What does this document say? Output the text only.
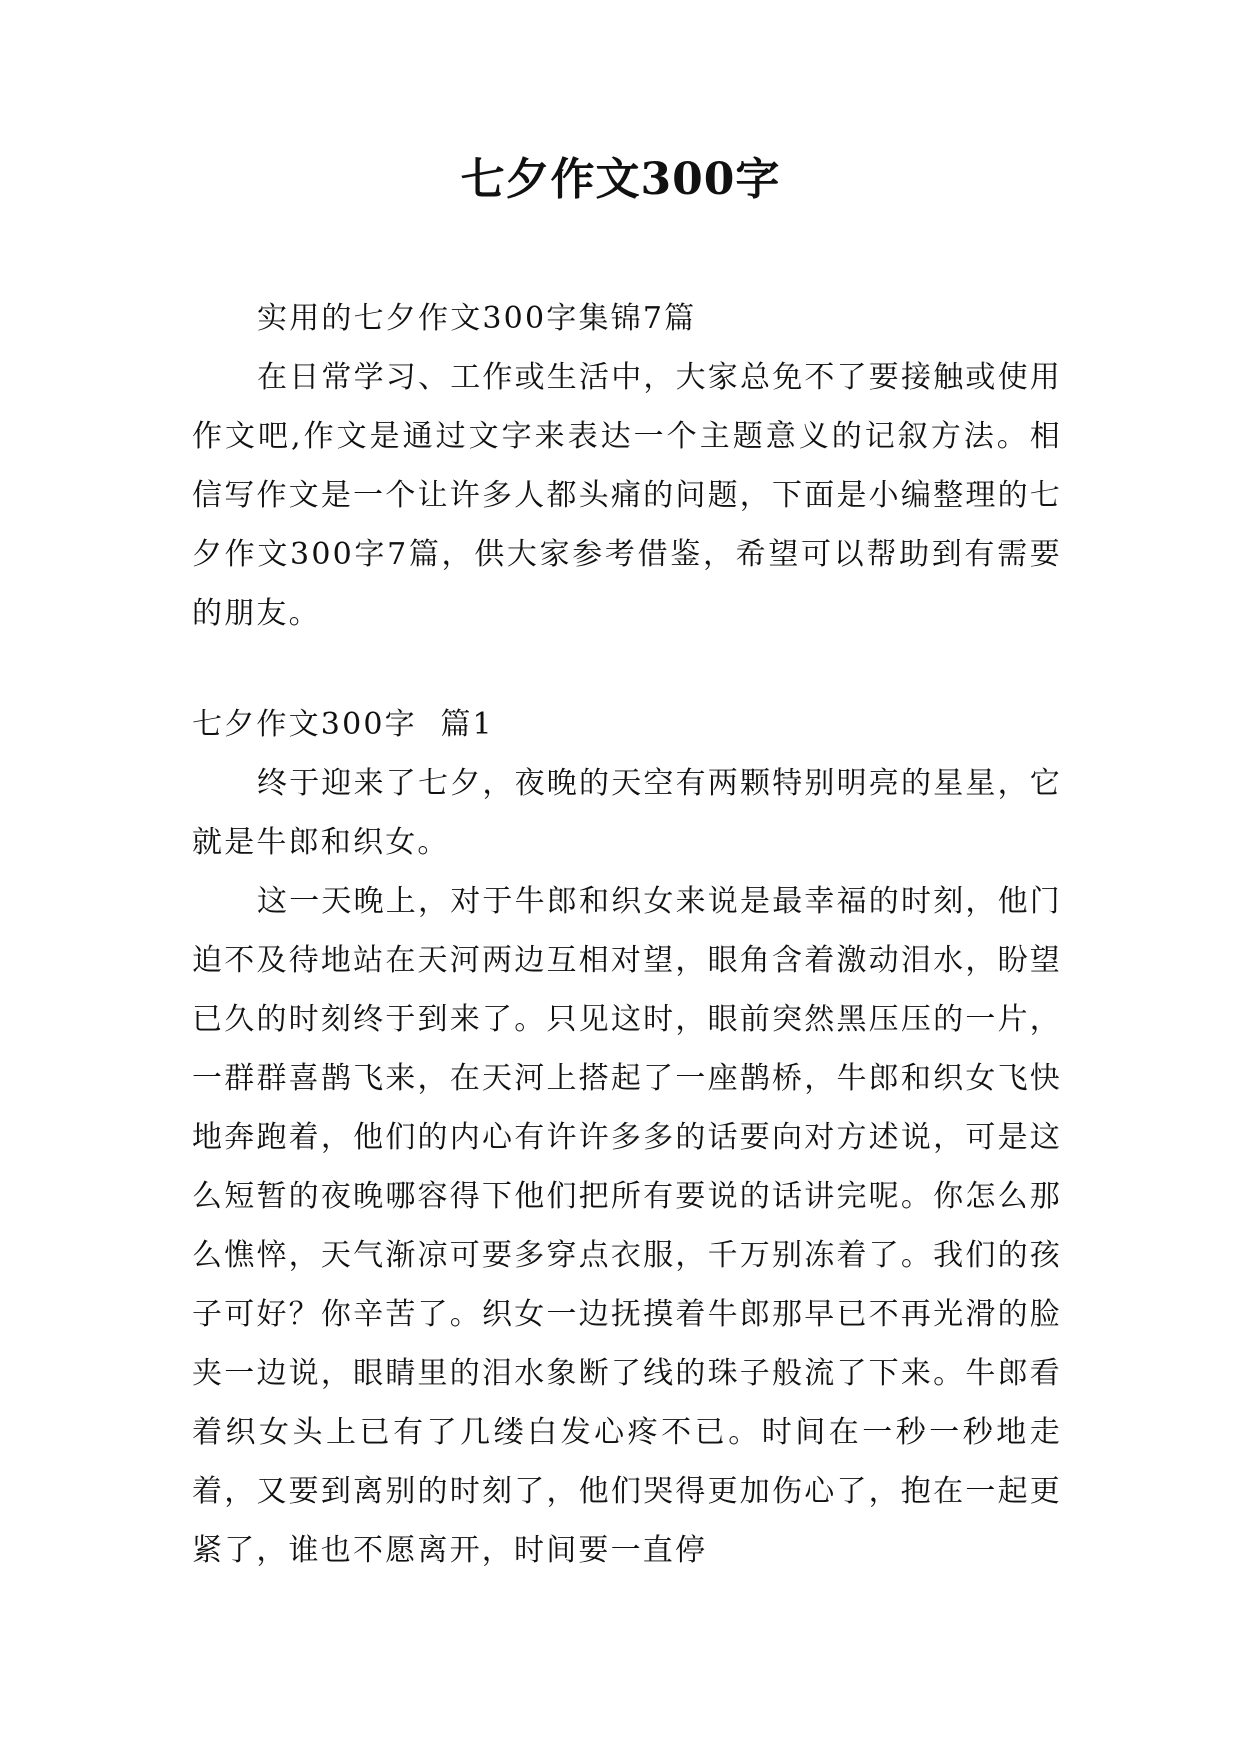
七夕作文300字

实用的七夕作文300字集锦7篇

在日常学习、工作或生活中，大家总免不了要接触或使用作文吧,作文是通过文字来表达一个主题意义的记叙方法。相信写作文是一个让许多人都头痛的问题，下面是小编整理的七夕作文300字7篇，供大家参考借鉴，希望可以帮助到有需要的朋友。

七夕作文300字  篇1

终于迎来了七夕，夜晚的天空有两颗特别明亮的星星，它就是牛郎和织女。

这一天晚上，对于牛郎和织女来说是最幸福的时刻，他门迫不及待地站在天河两边互相对望，眼角含着激动泪水，盼望已久的时刻终于到来了。只见这时，眼前突然黑压压的一片，一群群喜鹊飞来，在天河上搭起了一座鹊桥，牛郎和织女飞快地奔跑着，他们的内心有许许多多的话要向对方述说，可是这么短暂的夜晚哪容得下他们把所有要说的话讲完呢。你怎么那么憔悴，天气渐凉可要多穿点衣服，千万别冻着了。我们的孩子可好？你辛苦了。织女一边抚摸着牛郎那早已不再光滑的脸夹一边说，眼睛里的泪水象断了线的珠子般流了下来。牛郎看着织女头上已有了几缕白发心疼不已。时间在一秒一秒地走着，又要到离别的时刻了，他们哭得更加伤心了，抱在一起更紧了，谁也不愿离开，时间要一直停
